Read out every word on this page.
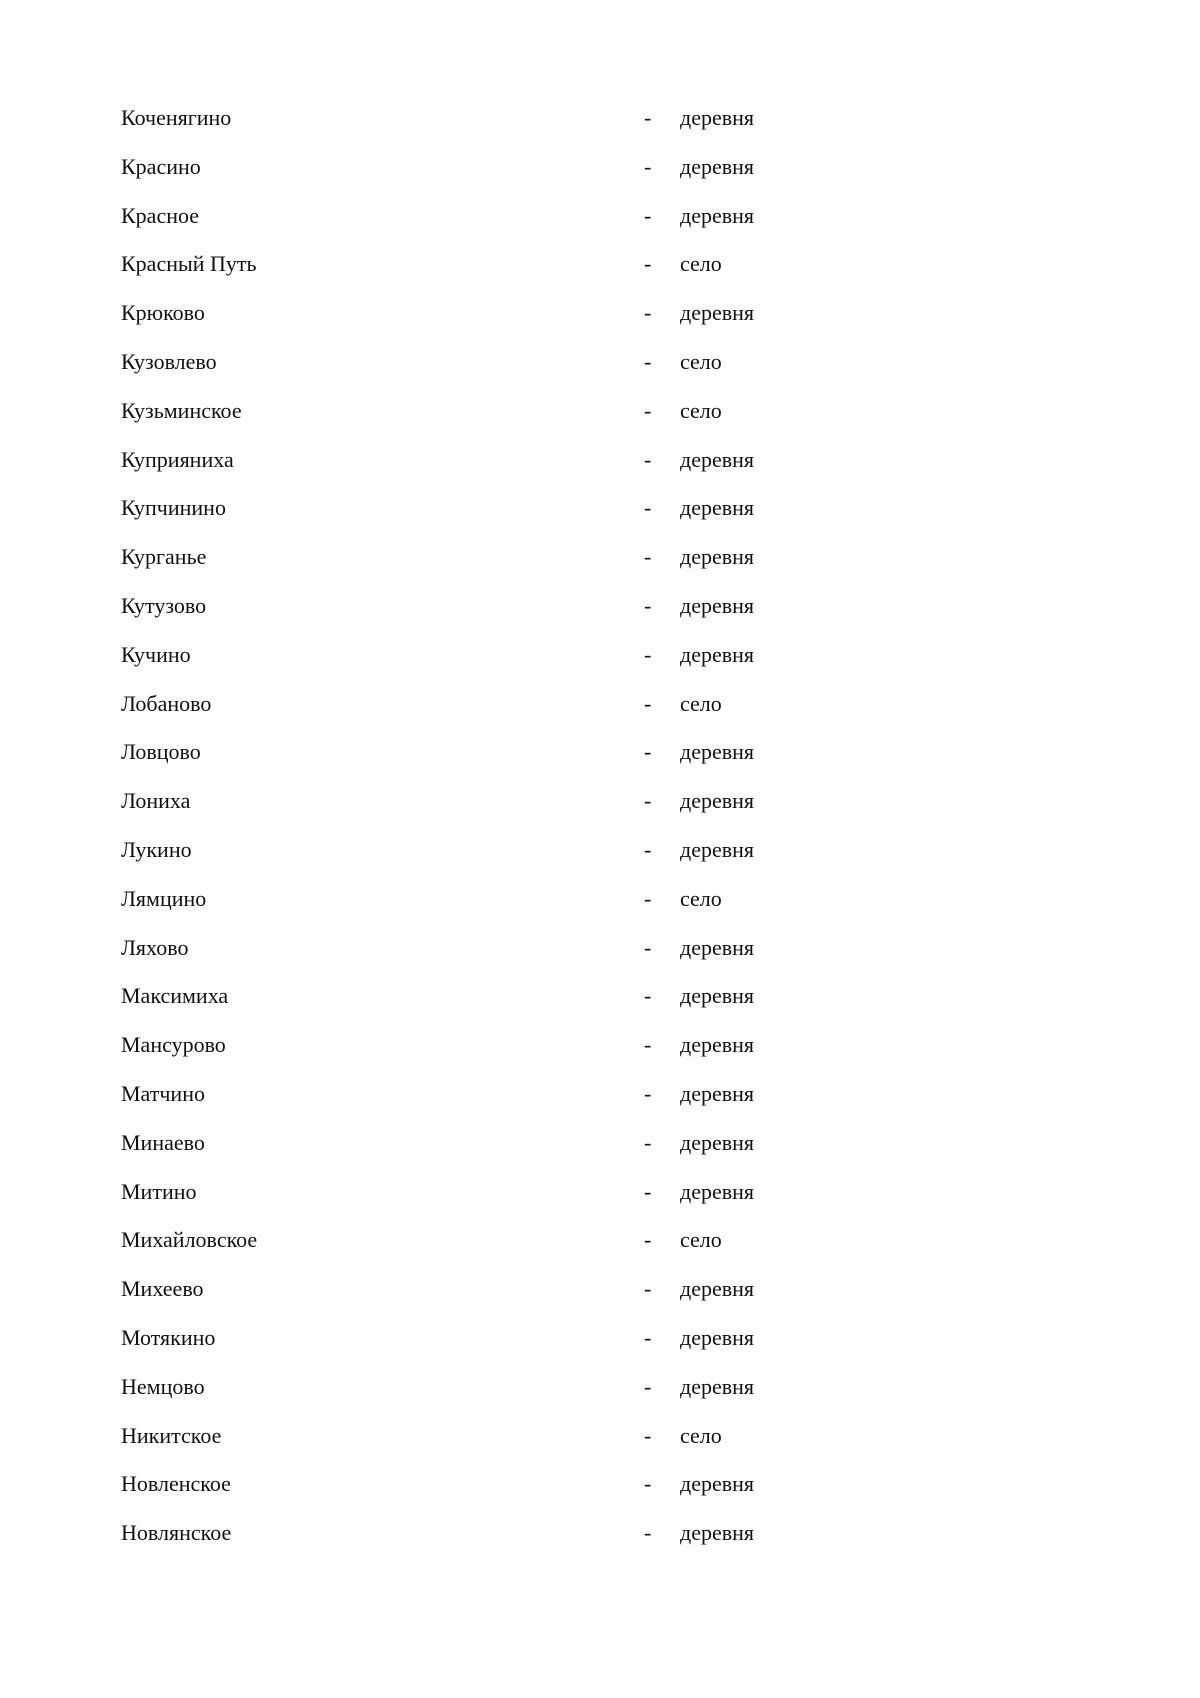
Коченягино	- деревня
Красино	- деревня
Красное	- деревня
Красный Путь	- село
Крюково	- деревня
Кузовлево	- село
Кузьминское	- село
Куприяниха	- деревня
Купчинино	- деревня
Курганье	- деревня
Кутузово	- деревня
Кучино	- деревня
Лобаново	- село
Ловцово	- деревня
Лониха	- деревня
Лукино	- деревня
Лямцино	- село
Ляхово	- деревня
Максимиха	- деревня
Мансурово	- деревня
Матчино	- деревня
Минаево	- деревня
Митино	- деревня
Михайловское	- село
Михеево	- деревня
Мотякино	- деревня
Немцово	- деревня
Никитское	- село
Новленское	- деревня
Новлянское	- деревня
